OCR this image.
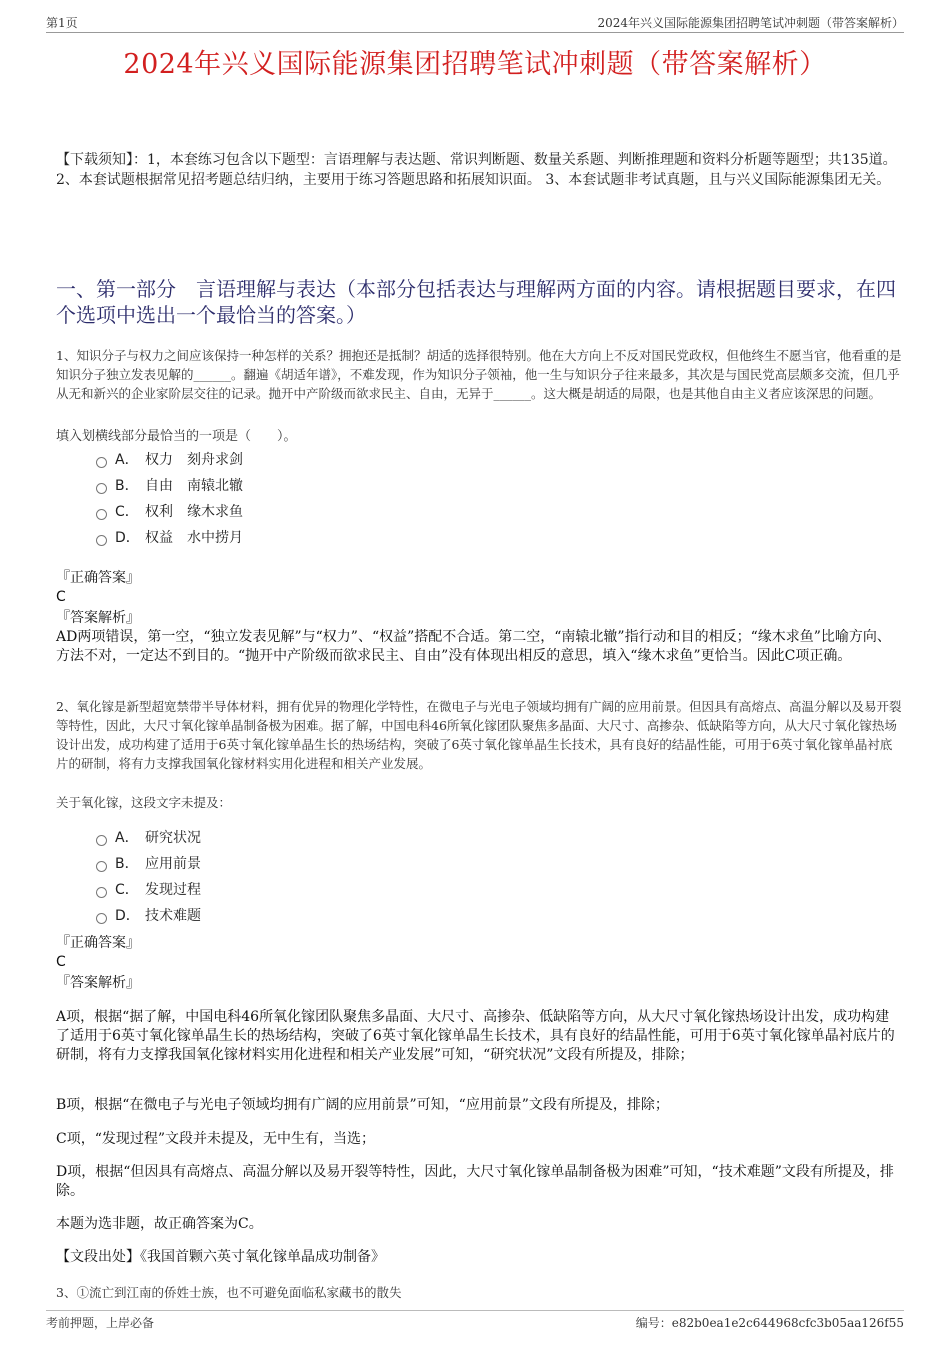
第1页	2024年兴义国际能源集团招聘笔试冲刺题（带答案解析）
2024年兴义国际能源集团招聘笔试冲刺题（带答案解析）
【下载须知】：1，本套练习包含以下题型：言语理解与表达题、常识判断题、数量关系题、判断推理题和资料分析题等题型；共135道。 2、本套试题根据常见招考题总结归纳，主要用于练习答题思路和拓展知识面。 3、本套试题非考试真题，且与兴义国际能源集团无关。
一、第一部分　言语理解与表达（本部分包括表达与理解两方面的内容。请根据题目要求，在四个选项中选出一个最恰当的答案。）
1、知识分子与权力之间应该保持一种怎样的关系？拥抱还是抵制？胡适的选择很特别。他在大方向上不反对国民党政权，但他终生不愿当官，他看重的是知识分子独立发表见解的______。翻遍《胡适年谱》，不难发现，作为知识分子领袖，他一生与知识分子往来最多，其次是与国民党高层颇多交流，但几乎从无和新兴的企业家阶层交往的记录。抛开中产阶级而欲求民主、自由，无异于______。这大概是胡适的局限，也是其他自由主义者应该深思的问题。
填入划横线部分最恰当的一项是（　　）。
A． 权力　刻舟求剑
B． 自由　南辕北辙
C． 权利　缘木求鱼
D． 权益　水中捞月
『正确答案』
C
『答案解析』
AD两项错误，第一空，“独立发表见解”与“权力”、“权益”搭配不合适。第二空，“南辕北辙”指行动和目的相反；“缘木求鱼”比喻方向、方法不对，一定达不到目的。“抛开中产阶级而欲求民主、自由”没有体现出相反的意思，填入“缘木求鱼”更恰当。因此C项正确。
2、氧化镓是新型超宽禁带半导体材料，拥有优异的物理化学特性，在微电子与光电子领域均拥有广阔的应用前景。但因具有高熔点、高温分解以及易开裂等特性，因此，大尺寸氧化镓单晶制备极为困难。据了解，中国电科46所氧化镓团队聚焦多晶面、大尺寸、高掺杂、低缺陷等方向，从大尺寸氧化镓热场设计出发，成功构建了适用于6英寸氧化镓单晶生长的热场结构，突破了6英寸氧化镓单晶生长技术，具有良好的结晶性能，可用于6英寸氧化镓单晶衬底片的研制，将有力支撑我国氧化镓材料实用化进程和相关产业发展。
关于氧化镓，这段文字未提及：
A． 研究状况
B． 应用前景
C． 发现过程
D． 技术难题
『正确答案』
C
『答案解析』
A项，根据“据了解，中国电科46所氧化镓团队聚焦多晶面、大尺寸、高掺杂、低缺陷等方向，从大尺寸氧化镓热场设计出发，成功构建了适用于6英寸氧化镓单晶生长的热场结构，突破了6英寸氧化镓单晶生长技术，具有良好的结晶性能，可用于6英寸氧化镓单晶衬底片的研制，将有力支撑我国氧化镓材料实用化进程和相关产业发展”可知，“研究状况”文段有所提及，排除；
B项，根据“在微电子与光电子领域均拥有广阔的应用前景”可知，“应用前景”文段有所提及，排除；
C项，“发现过程”文段并未提及，无中生有，当选；
D项，根据“但因具有高熔点、高温分解以及易开裂等特性，因此，大尺寸氧化镓单晶制备极为困难”可知，“技术难题”文段有所提及，排除。
本题为选非题，故正确答案为C。
【文段出处】《我国首颗六英寸氧化镓单晶成功制备》
3、①流亡到江南的侨姓士族，也不可避免面临私家藏书的散失
考前押题，上岸必备	编号：e82b0ea1e2c644968cfc3b05aa126f55
